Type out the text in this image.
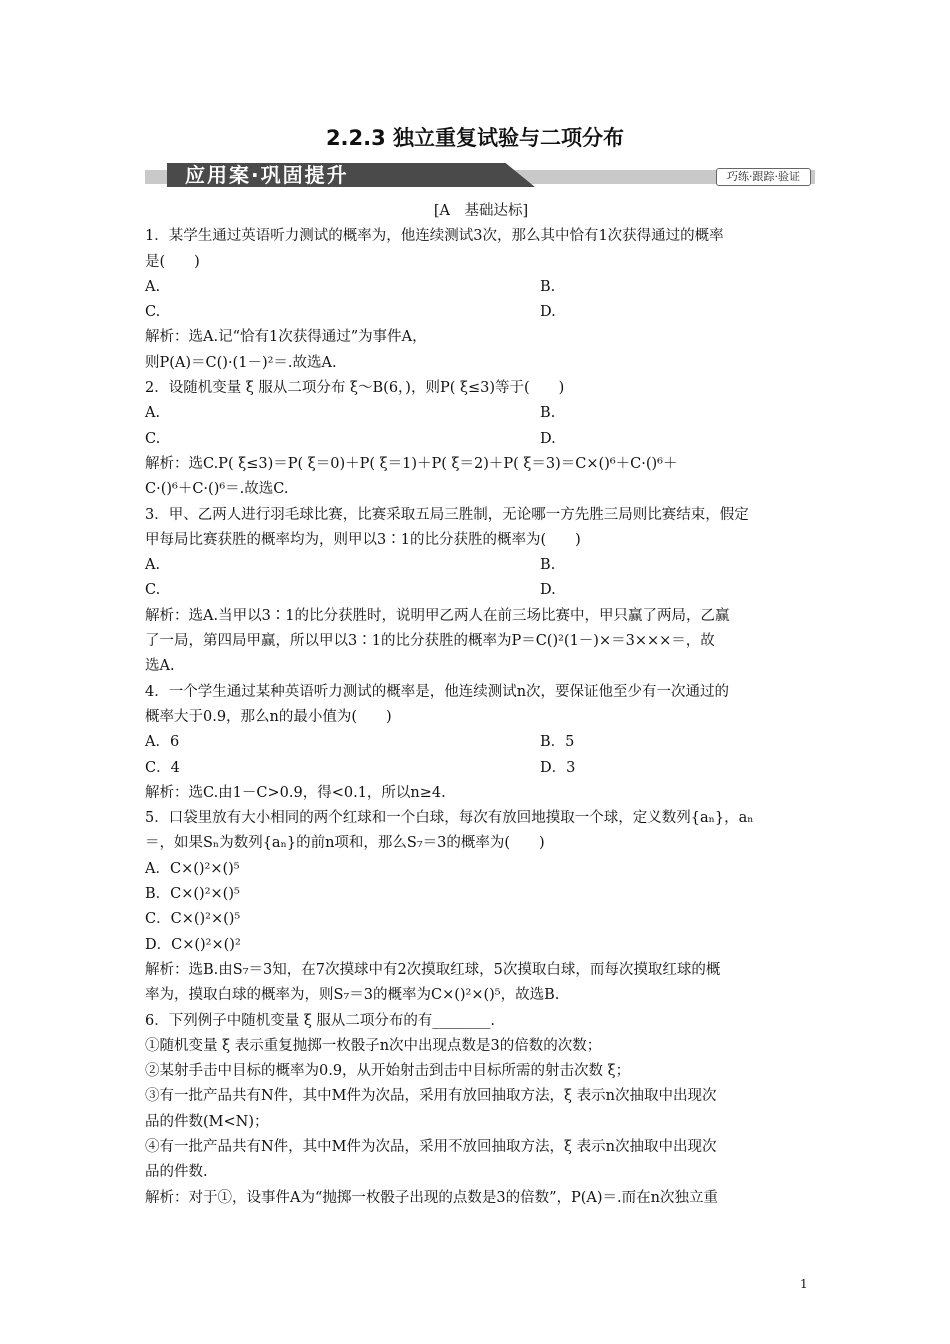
2.2.3 独立重复试验与二项分布
应用案·巩固提升	巧练·跟踪·验证

[A　基础达标]

1．某学生通过英语听力测试的概率为，他连续测试3次，那么其中恰有1次获得通过的概率

是(　　)

A.	B.
C.	D.

解析：选A.记“恰有1次获得通过”为事件A，

则P(A)＝C()·(1－)²＝.故选A.

2．设随机变量 ξ 服从二项分布 ξ～B(6，)，则P( ξ≤3)等于(　　)

A.	B.
C.	D.

解析：选C.P( ξ≤3)＝P( ξ＝0)＋P( ξ＝1)＋P( ξ＝2)＋P( ξ＝3)＝C×()⁶＋C·()⁶＋

C·()⁶＋C·()⁶＝.故选C.

3．甲、乙两人进行羽毛球比赛，比赛采取五局三胜制，无论哪一方先胜三局则比赛结束，假定

甲每局比赛获胜的概率均为，则甲以3∶1的比分获胜的概率为(　　)

A.	B.
C.	D.

解析：选A.当甲以3∶1的比分获胜时，说明甲乙两人在前三场比赛中，甲只赢了两局，乙赢

了一局，第四局甲赢，所以甲以3∶1的比分获胜的概率为P＝C()²(1－)×＝3×××＝，故

选A.

4．一个学生通过某种英语听力测试的概率是，他连续测试n次，要保证他至少有一次通过的

概率大于0.9，那么n的最小值为(　　)

A．6	B．5
C．4	D．3

解析：选C.由1－C>0.9，得<0.1，所以n≥4.

5．口袋里放有大小相同的两个红球和一个白球，每次有放回地摸取一个球，定义数列{aₙ}，aₙ

＝，如果Sₙ为数列{aₙ}的前n项和，那么S₇＝3的概率为(　　)

A．C×()²×()⁵

B．C×()²×()⁵

C．C×()²×()⁵

D．C×()²×()²

解析：选B.由S₇＝3知，在7次摸球中有2次摸取红球，5次摸取白球，而每次摸取红球的概

率为，摸取白球的概率为，则S₇＝3的概率为C×()²×()⁵，故选B.

6．下列例子中随机变量 ξ 服从二项分布的有________.

①随机变量 ξ 表示重复抛掷一枚骰子n次中出现点数是3的倍数的次数；

②某射手击中目标的概率为0.9，从开始射击到击中目标所需的射击次数 ξ；

③有一批产品共有N件，其中M件为次品，采用有放回抽取方法，ξ 表示n次抽取中出现次

品的件数(M<N)；

④有一批产品共有N件，其中M件为次品，采用不放回抽取方法，ξ 表示n次抽取中出现次

品的件数.

解析：对于①，设事件A为“抛掷一枚骰子出现的点数是3的倍数”，P(A)＝.而在n次独立重

1
